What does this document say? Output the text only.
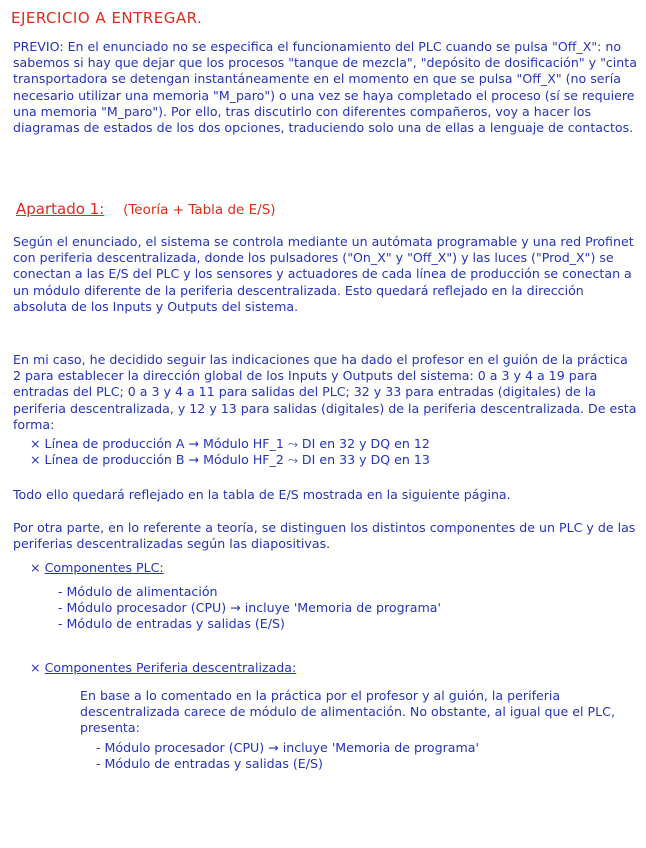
EJERCICIO A ENTREGAR.
PREVIO: En el enunciado no se especifica el funcionamiento del PLC cuando se pulsa "Off_X": no sabemos si hay que dejar que los procesos "tanque de mezcla", "depósito de dosificación" y "cinta transportadora se detengan instantáneamente en el momento en que se pulsa "Off_X" (no sería necesario utilizar una memoria "M_paro") o una vez se haya completado el proceso (sí se requiere una memoria "M_paro"). Por ello, tras discutirlo con diferentes compañeros, voy a hacer los diagramas de estados de los dos opciones, traduciendo solo una de ellas a lenguaje de contactos.
Apartado 1: (Teoría + Tabla de E/S)
Según el enunciado, el sistema se controla mediante un autómata programable y una red Profinet con periferia descentralizada, donde los pulsadores ("On_X" y "Off_X") y las luces ("Prod_X") se conectan a las E/S del PLC y los sensores y actuadores de cada línea de producción se conectan a un módulo diferente de la periferia descentralizada. Esto quedará reflejado en la dirección absoluta de los Inputs y Outputs del sistema.
En mi caso, he decidido seguir las indicaciones que ha dado el profesor en el guión de la práctica 2 para establecer la dirección global de los Inputs y Outputs del sistema: 0 a 3 y 4 a 19 para entradas del PLC; 0 a 3 y 4 a 11 para salidas del PLC; 32 y 33 para entradas (digitales) de la periferia descentralizada, y 12 y 13 para salidas (digitales) de la periferia descentralizada. De esta forma:
× Línea de producción A → Módulo HF_1 ⤳ DI en 32 y DQ en 12
× Línea de producción B → Módulo HF_2 ⤳ DI en 33 y DQ en 13
Todo ello quedará reflejado en la tabla de E/S mostrada en la siguiente página.
Por otra parte, en lo referente a teoría, se distinguen los distintos componentes de un PLC y de las periferias descentralizadas según las diapositivas.
× Componentes PLC:
- Módulo de alimentación
- Módulo procesador (CPU) → incluye 'Memoria de programa'
- Módulo de entradas y salidas (E/S)
× Componentes Periferia descentralizada:
En base a lo comentado en la práctica por el profesor y al guión, la periferia descentralizada carece de módulo de alimentación. No obstante, al igual que el PLC, presenta:
- Módulo procesador (CPU) → incluye 'Memoria de programa'
- Módulo de entradas y salidas (E/S)
